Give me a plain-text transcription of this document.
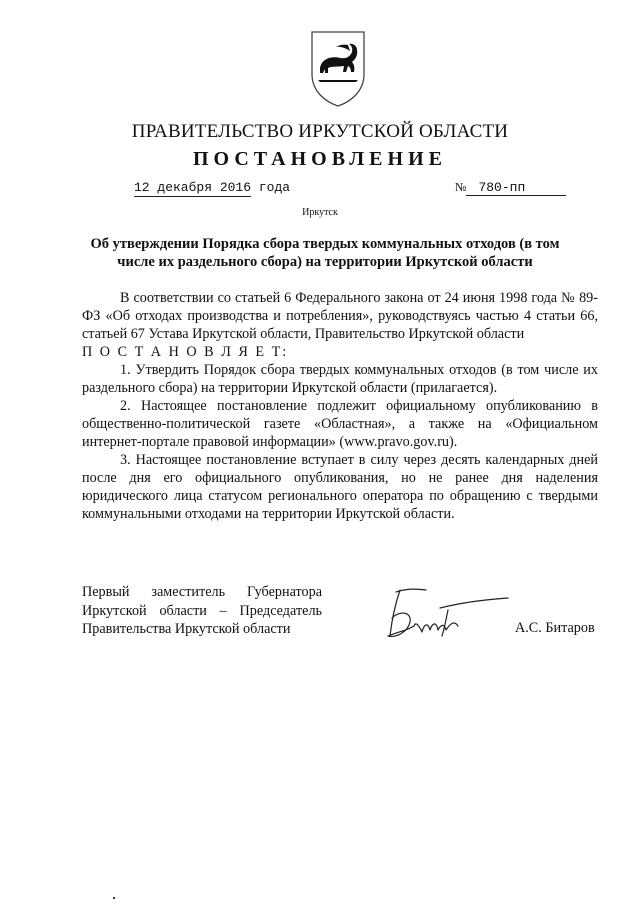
ПРАВИТЕЛЬСТВО ИРКУТСКОЙ ОБЛАСТИ
ПОСТАНОВЛЕНИЕ
12 декабря 2016 года	№ 780-пп
Иркутск
Об утверждении Порядка сбора твердых коммунальных отходов (в том числе их раздельного сбора) на территории Иркутской области

В соответствии со статьей 6 Федерального закона от 24 июня 1998 года № 89-ФЗ «Об отходах производства и потребления», руководствуясь частью 4 статьи 66, статьей 67 Устава Иркутской области, Правительство Иркутской области

П О С Т А Н О В Л Я Е Т:

1. Утвердить Порядок сбора твердых коммунальных отходов (в том числе их раздельного сбора) на территории Иркутской области (прилагается).

2. Настоящее постановление подлежит официальному опубликованию в общественно-политической газете «Областная», а также на «Официальном интернет-портале правовой информации» (www.pravo.gov.ru).

3. Настоящее постановление вступает в силу через десять календарных дней после дня его официального опубликования, но не ранее дня наделения юридического лица статусом регионального оператора по обращению с твердыми коммунальными отходами на территории Иркутской области.

Первый заместитель Губернатора
Иркутской области – Председатель
Правительства Иркутской области	А.С. Битаров
